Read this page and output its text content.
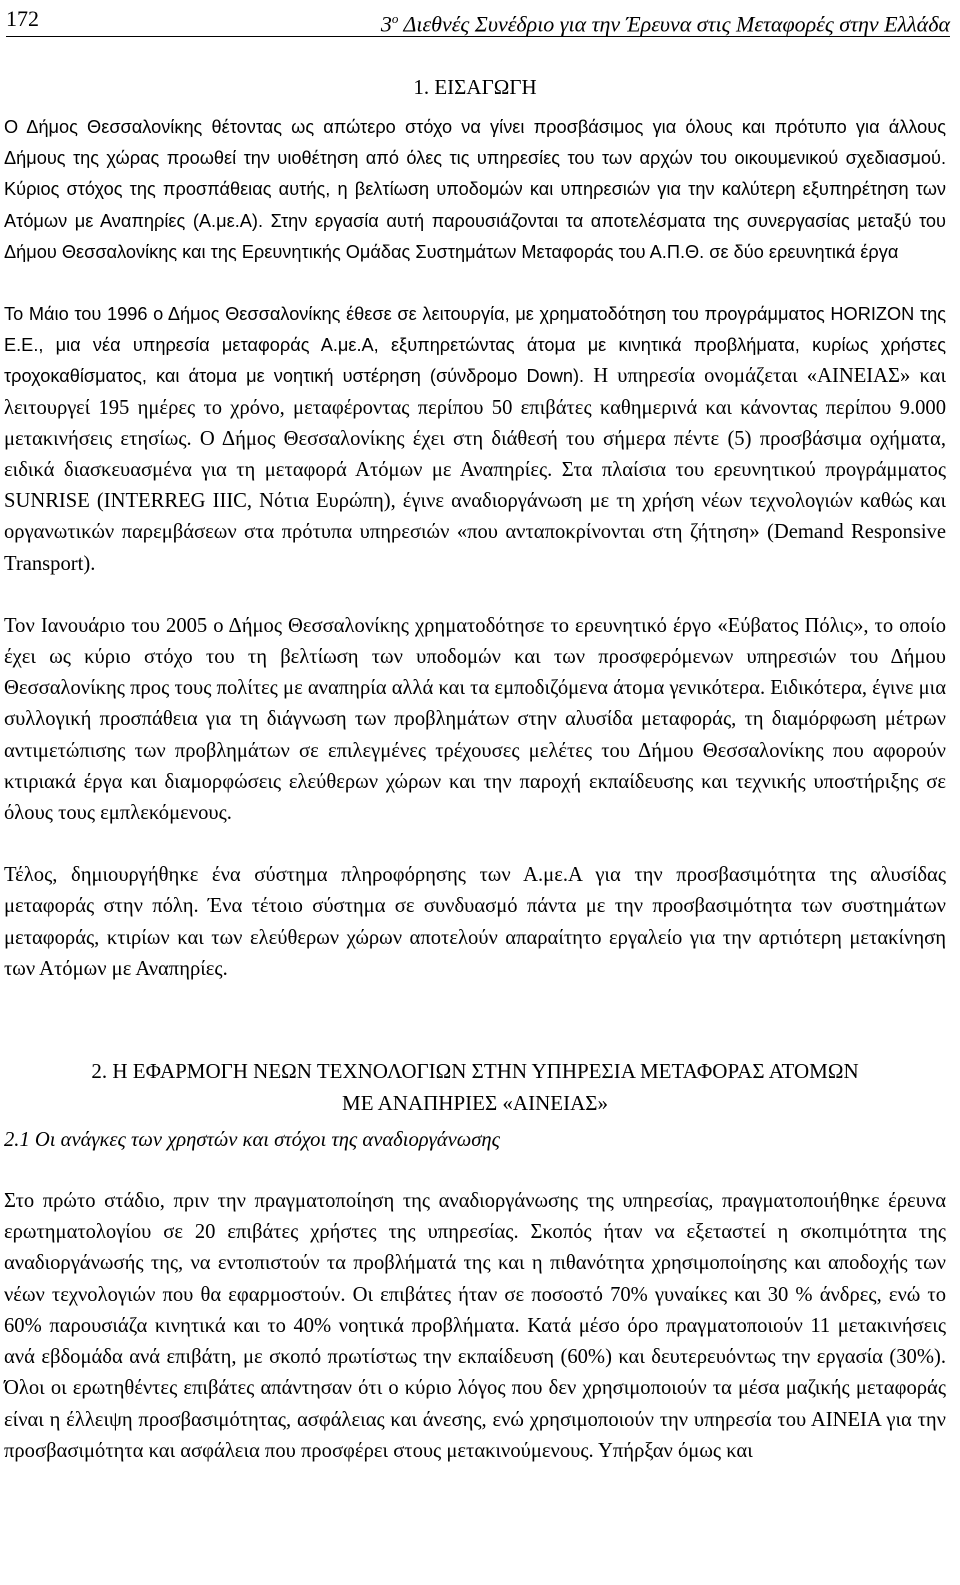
172	$3^o$ Διεθνές Συνέδριο για την Έρευνα στις Μεταφορές στην Ελλάδα
1. ΕΙΣΑΓΩΓΗ

Ο Δήμος Θεσσαλονίκης θέτοντας ως απώτερο στόχο να γίνει προσβάσιμος για όλους και πρότυπο για άλλους Δήμους της χώρας προωθεί την υιοθέτηση από όλες τις υπηρεσίες του των αρχών του οικουμενικού σχεδιασμού. Κύριος στόχος της προσπάθειας αυτής, η βελτίωση υποδομών και υπηρεσιών για την καλύτερη εξυπηρέτηση των Ατόμων με Αναπηρίες (Α.με.Α). Στην εργασία αυτή παρουσιάζονται τα αποτελέσματα της συνεργασίας μεταξύ του Δήμου Θεσσαλονίκης και της Ερευνητικής Ομάδας Συστημάτων Μεταφοράς του Α.Π.Θ. σε δύο ερευνητικά έργα

Το Μάιο του 1996 ο Δήμος Θεσσαλονίκης έθεσε σε λειτουργία, με χρηματοδότηση του προγράμματος HORIZON της Ε.Ε., μια νέα υπηρεσία μεταφοράς Α.με.Α, εξυπηρετώντας άτομα με κινητικά προβλήματα, κυρίως χρήστες τροχοκαθίσματος, και άτομα με νοητική υστέρηση (σύνδρομο Down). Η υπηρεσία ονομάζεται «ΑΙΝΕΙΑΣ» και λειτουργεί 195 ημέρες το χρόνο, μεταφέροντας περίπου 50 επιβάτες καθημερινά και κάνοντας περίπου 9.000 μετακινήσεις ετησίως. Ο Δήμος Θεσσαλονίκης έχει στη διάθεσή του σήμερα πέντε (5) προσβάσιμα οχήματα, ειδικά διασκευασμένα για τη μεταφορά Ατόμων με Αναπηρίες. Στα πλαίσια του ερευνητικού προγράμματος SUNRISE (INTERREG IIIC, Νότια Ευρώπη), έγινε αναδιοργάνωση με τη χρήση νέων τεχνολογιών καθώς και οργανωτικών παρεμβάσεων στα πρότυπα υπηρεσιών «που ανταποκρίνονται στη ζήτηση» (Demand Responsive Transport).

Τον Ιανουάριο του 2005 ο Δήμος Θεσσαλονίκης χρηματοδότησε το ερευνητικό έργο «Εύβατος Πόλις», το οποίο έχει ως κύριο στόχο του τη βελτίωση των υποδομών και των προσφερόμενων υπηρεσιών του Δήμου Θεσσαλονίκης προς τους πολίτες με αναπηρία αλλά και τα εμποδιζόμενα άτομα γενικότερα. Ειδικότερα, έγινε μια συλλογική προσπάθεια για τη διάγνωση των προβλημάτων στην αλυσίδα μεταφοράς, τη διαμόρφωση μέτρων αντιμετώπισης των προβλημάτων σε επιλεγμένες τρέχουσες μελέτες του Δήμου Θεσσαλονίκης που αφορούν κτιριακά έργα και διαμορφώσεις ελεύθερων χώρων και την παροχή εκπαίδευσης και τεχνικής υποστήριξης σε όλους τους εμπλεκόμενους.

Τέλος, δημιουργήθηκε ένα σύστημα πληροφόρησης των Α.με.Α για την προσβασιμότητα της αλυσίδας μεταφοράς στην πόλη. Ένα τέτοιο σύστημα σε συνδυασμό πάντα με την προσβασιμότητα των συστημάτων μεταφοράς, κτιρίων και των ελεύθερων χώρων αποτελούν απαραίτητο εργαλείο για την αρτιότερη μετακίνηση των Ατόμων με Αναπηρίες.

2. Η ΕΦΑΡΜΟΓΗ ΝΕΩΝ ΤΕΧΝΟΛΟΓΙΩΝ ΣΤΗΝ ΥΠΗΡΕΣΙΑ ΜΕΤΑΦΟΡΑΣ ΑΤΟΜΩΝ
ΜΕ ΑΝΑΠΗΡΙΕΣ «ΑΙΝΕΙΑΣ»

2.1 Οι ανάγκες των χρηστών και στόχοι της αναδιοργάνωσης

Στο πρώτο στάδιο, πριν την πραγματοποίηση της αναδιοργάνωσης της υπηρεσίας, πραγματοποιήθηκε έρευνα ερωτηματολογίου σε 20 επιβάτες χρήστες της υπηρεσίας. Σκοπός ήταν να εξεταστεί η σκοπιμότητα της αναδιοργάνωσής της, να εντοπιστούν τα προβλήματά της και η πιθανότητα χρησιμοποίησης και αποδοχής των νέων τεχνολογιών που θα εφαρμοστούν. Οι επιβάτες ήταν σε ποσοστό 70% γυναίκες και 30 % άνδρες, ενώ το 60% παρουσιάζα κινητικά και το 40% νοητικά προβλήματα. Κατά μέσο όρο πραγματοποιούν 11 μετακινήσεις ανά εβδομάδα ανά επιβάτη, με σκοπό πρωτίστως την εκπαίδευση (60%) και δευτερευόντως την εργασία (30%). Όλοι οι ερωτηθέντες επιβάτες απάντησαν ότι ο κύριο λόγος που δεν χρησιμοποιούν τα μέσα μαζικής μεταφοράς είναι η έλλειψη προσβασιμότητας, ασφάλειας και άνεσης, ενώ χρησιμοποιούν την υπηρεσία του ΑΙΝΕΙΑ για την προσβασιμότητα και ασφάλεια που προσφέρει στους μετακινούμενους. Υπήρξαν όμως και
